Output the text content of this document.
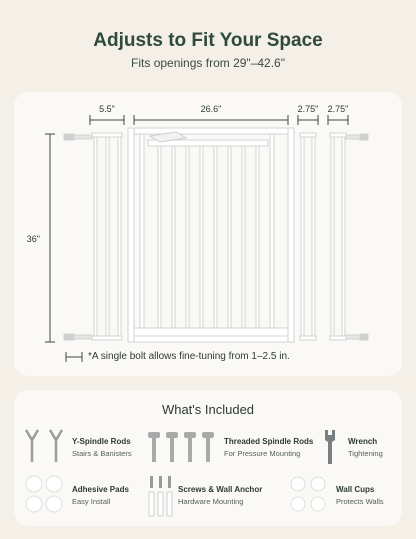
Adjusts to Fit Your Space
Fits openings from 29"–42.6"
5.5"	26.6"	2.75" 2.75"
36"
*A single bolt allows fine-tuning from 1–2.5 in.
What's Included
Y-Spindle Rods
Stairs & Banisters
Threaded Spindle Rods
For Pressure Mounting
Wrench
Tightening
Adhesive Pads
Easy Install
Screws & Wall Anchor
Hardware Mounting
Wall Cups
Protects Walls
